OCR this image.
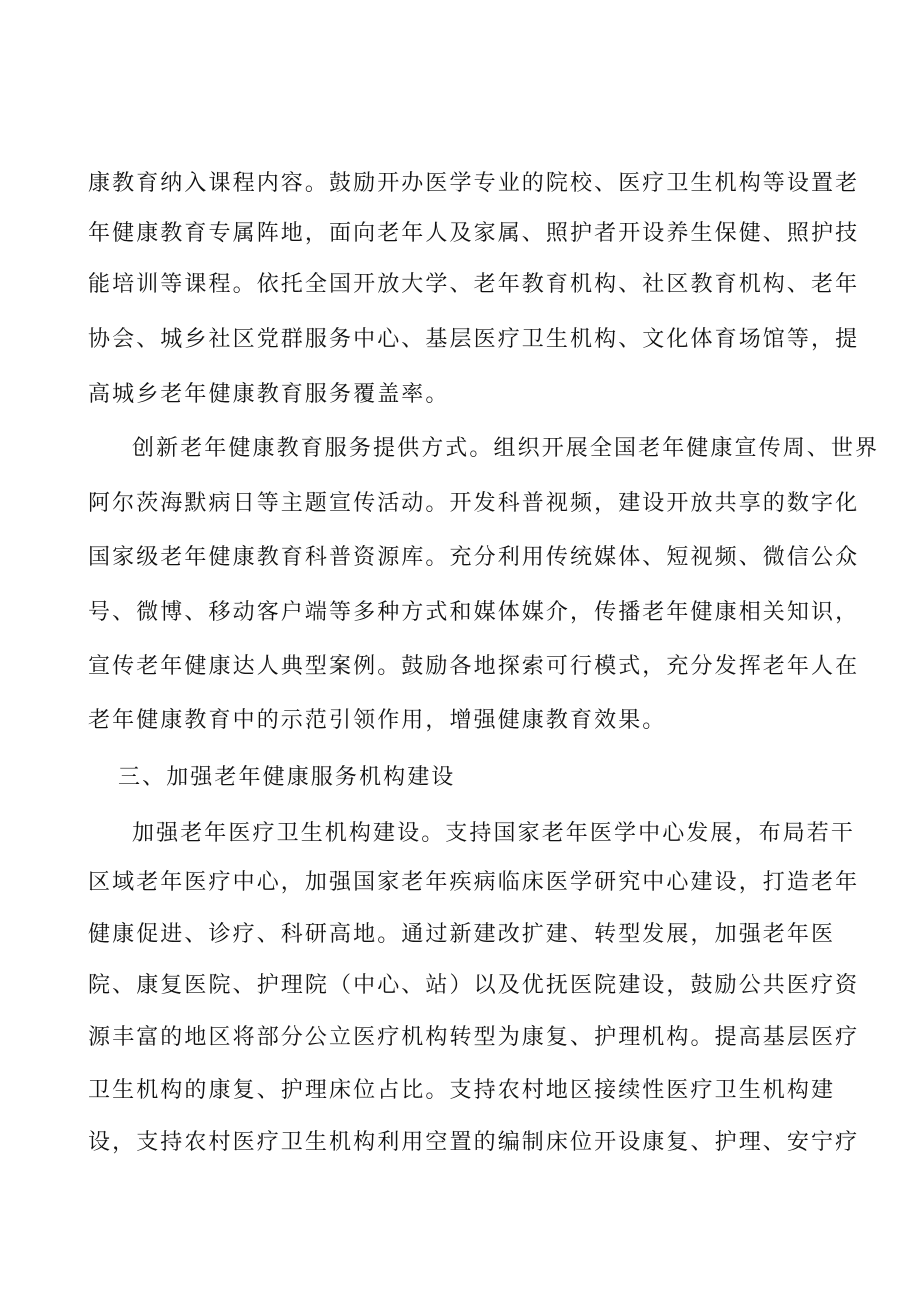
康教育纳入课程内容。鼓励开办医学专业的院校、医疗卫生机构等设置老
年健康教育专属阵地，面向老年人及家属、照护者开设养生保健、照护技
能培训等课程。依托全国开放大学、老年教育机构、社区教育机构、老年
协会、城乡社区党群服务中心、基层医疗卫生机构、文化体育场馆等，提
高城乡老年健康教育服务覆盖率。
创新老年健康教育服务提供方式。组织开展全国老年健康宣传周、世界
阿尔茨海默病日等主题宣传活动。开发科普视频，建设开放共享的数字化
国家级老年健康教育科普资源库。充分利用传统媒体、短视频、微信公众
号、微博、移动客户端等多种方式和媒体媒介，传播老年健康相关知识，
宣传老年健康达人典型案例。鼓励各地探索可行模式，充分发挥老年人在
老年健康教育中的示范引领作用，增强健康教育效果。
三、加强老年健康服务机构建设
加强老年医疗卫生机构建设。支持国家老年医学中心发展，布局若干
区域老年医疗中心，加强国家老年疾病临床医学研究中心建设，打造老年
健康促进、诊疗、科研高地。通过新建改扩建、转型发展，加强老年医
院、康复医院、护理院（中心、站）以及优抚医院建设，鼓励公共医疗资
源丰富的地区将部分公立医疗机构转型为康复、护理机构。提高基层医疗
卫生机构的康复、护理床位占比。支持农村地区接续性医疗卫生机构建
设，支持农村医疗卫生机构利用空置的编制床位开设康复、护理、安宁疗
